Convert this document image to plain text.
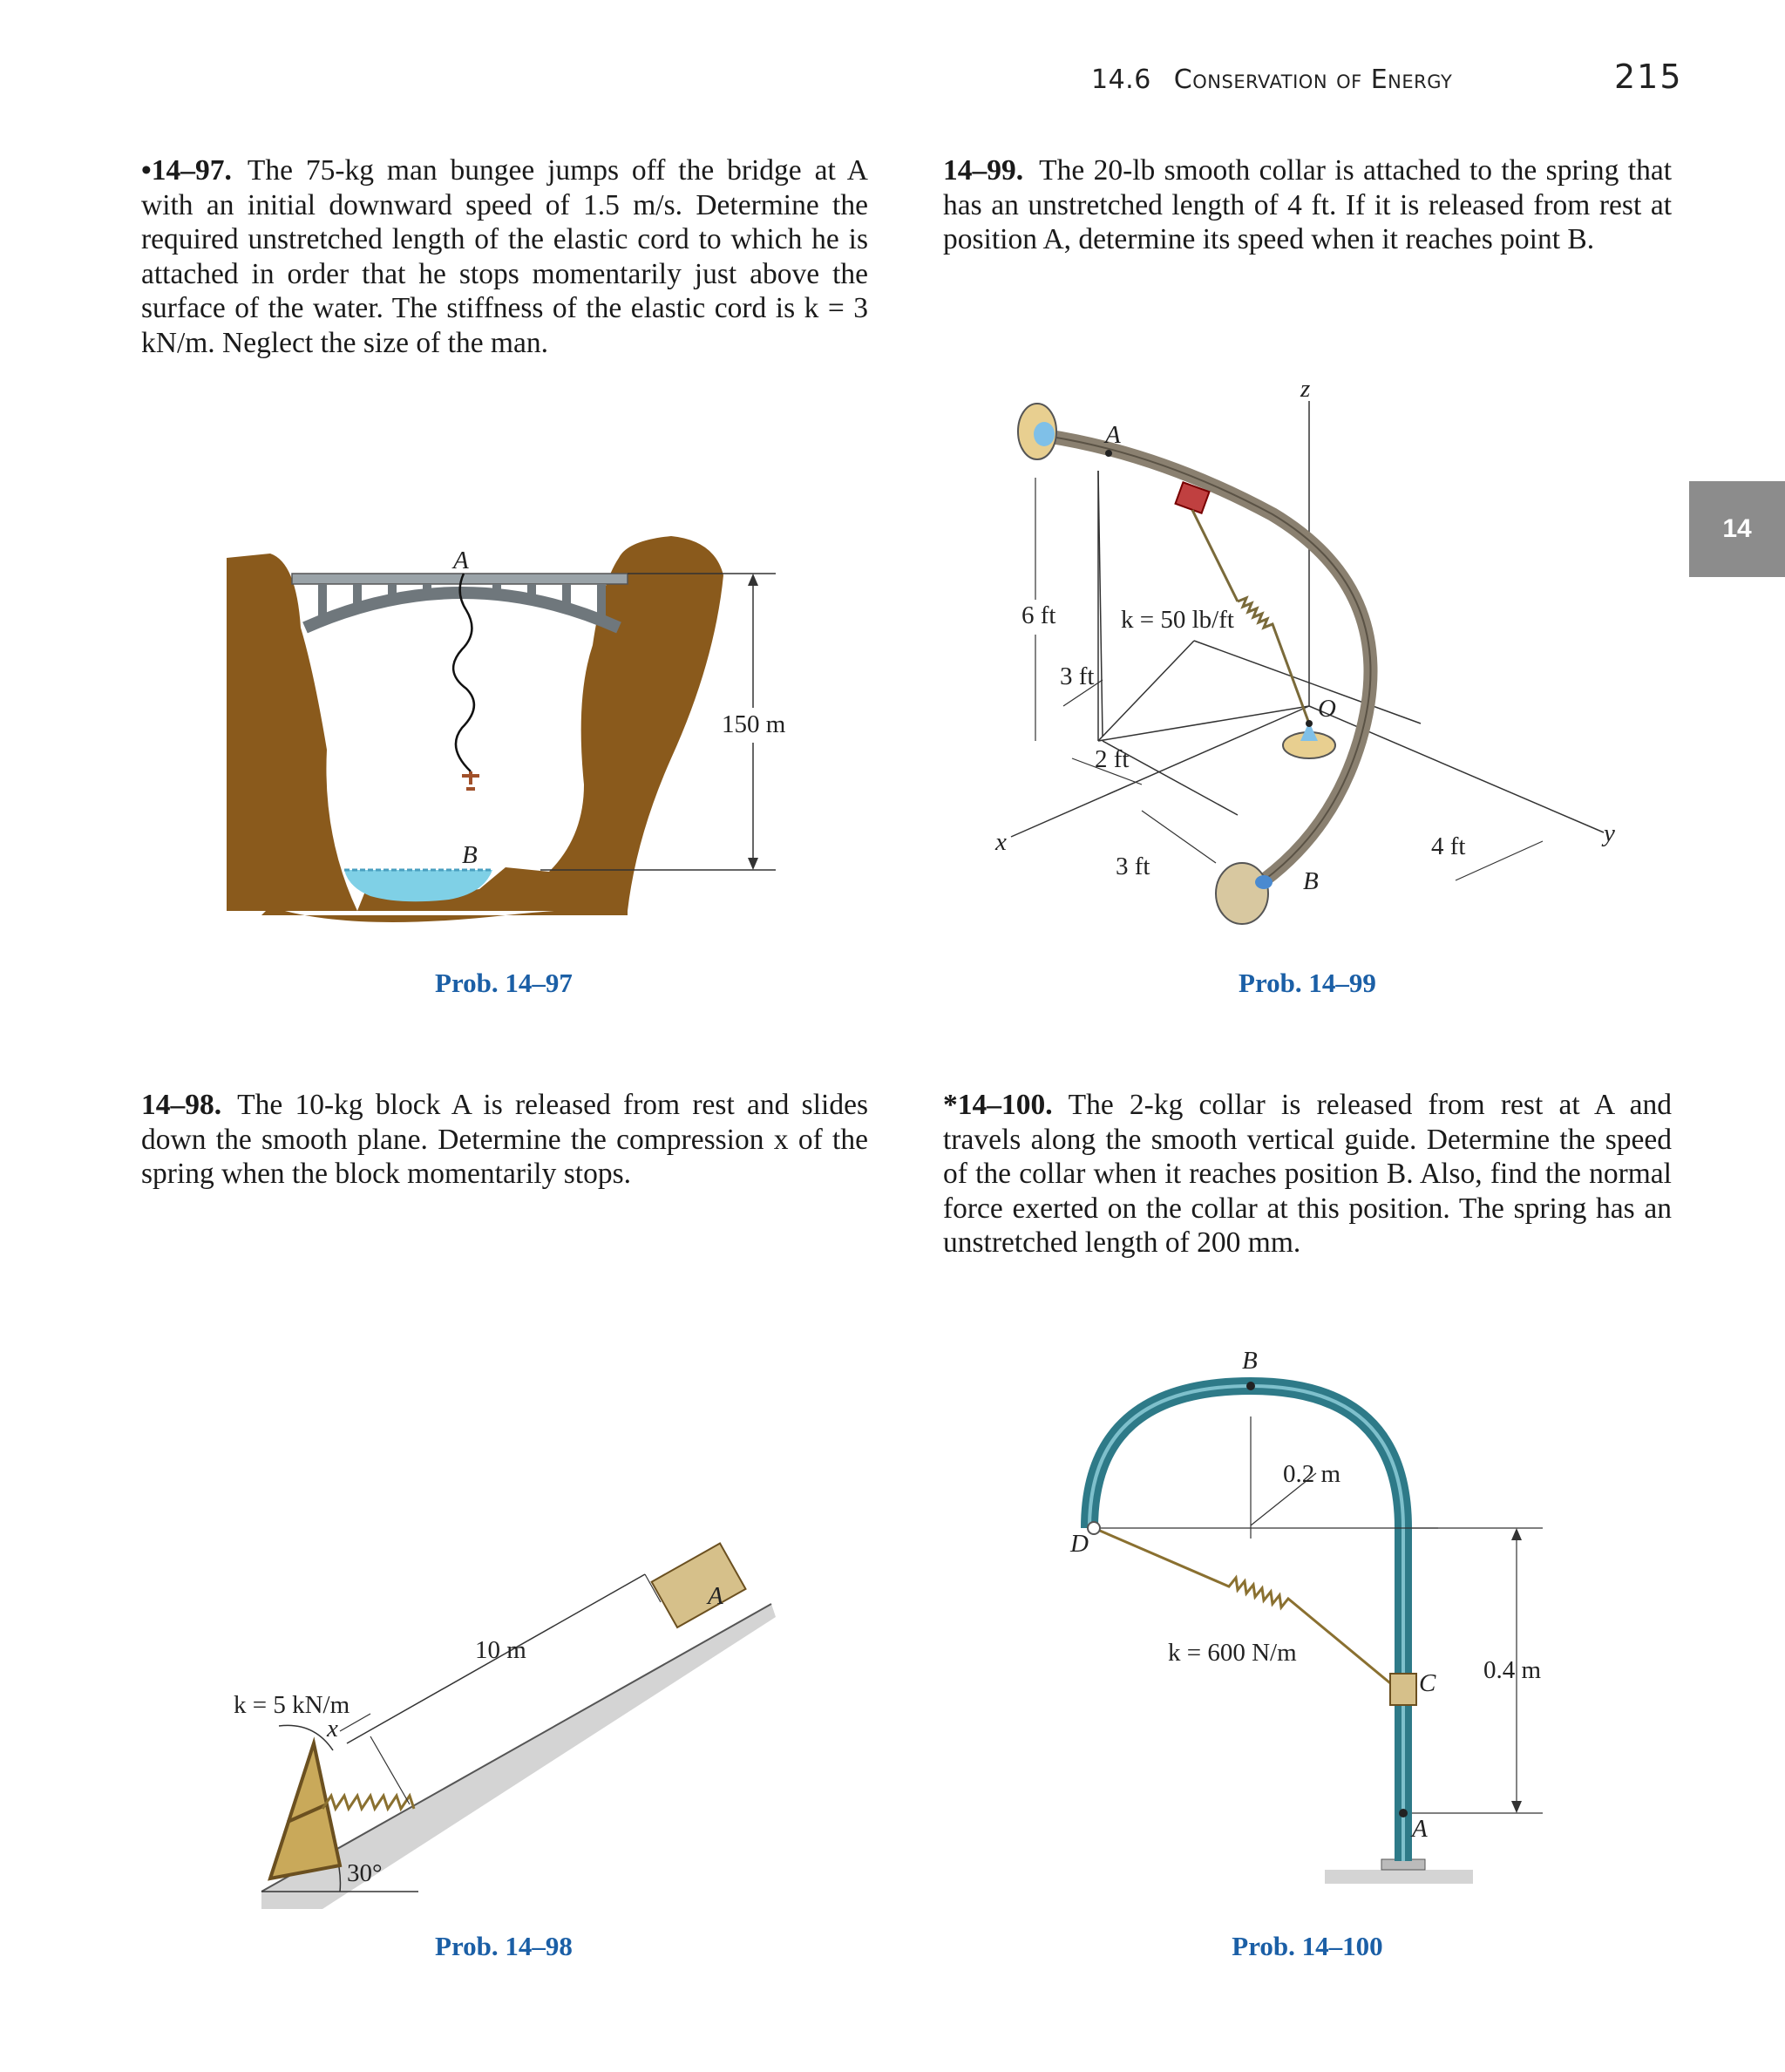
14.6 Conservation of Energy	215
14
•14–97. The 75-kg man bungee jumps off the bridge at A with an initial downward speed of 1.5 m/s. Determine the required unstretched length of the elastic cord to which he is attached in order that he stops momentarily just above the surface of the water. The stiffness of the elastic cord is k = 3 kN/m. Neglect the size of the man.
14–99. The 20-lb smooth collar is attached to the spring that has an unstretched length of 4 ft. If it is released from rest at position A, determine its speed when it reaches point B.
14–98. The 10-kg block A is released from rest and slides down the smooth plane. Determine the compression x of the spring when the block momentarily stops.
*14–100. The 2-kg collar is released from rest at A and travels along the smooth vertical guide. Determine the speed of the collar when it reaches position B. Also, find the normal force exerted on the collar at this position. The spring has an unstretched length of 200 mm.
A
B
150 m
z
x	y
A
B
O
k = 50 lb/ft
6 ft
3 ft
2 ft
3 ft
4 ft
A
10 m
k = 5 kN/m
x
30°
B
D
C
A
0.2 m
k = 600 N/m
0.4 m
Prob. 14–97	Prob. 14–99
Prob. 14–98	Prob. 14–100
